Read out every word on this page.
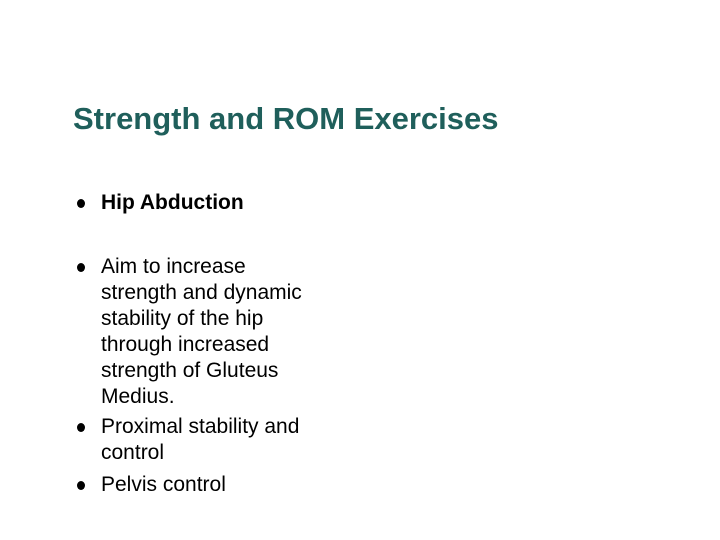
Strength and ROM Exercises
Hip Abduction
Aim to increase
strength and dynamic
stability of the hip
through increased
strength of Gluteus
Medius.
Proximal stability and
control
Pelvis control
